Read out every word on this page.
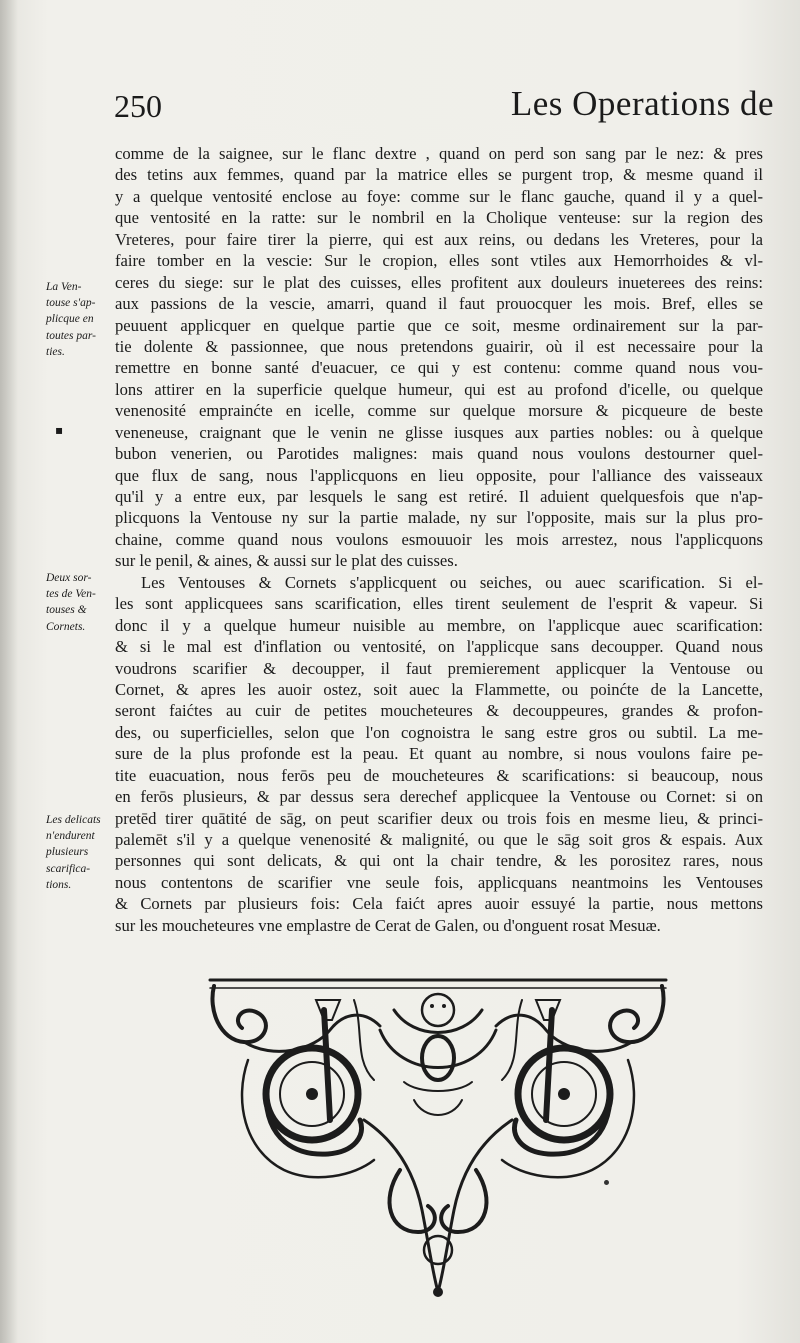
250	Les Operations de
La Ven-
touse s'ap-
plicque en
toutes par-
ties.
▪
Deux sor-
tes de Ven-
touses &
Cornets.
Les delicats
n'endurent
plusieurs
scarifica-
tions.
comme de la saignee, sur le flanc dextre , quand on perd son sang par le nez: & pres
des tetins aux femmes, quand par la matrice elles se purgent trop, & mesme quand il
y a quelque ventosité enclose au foye: comme sur le flanc gauche, quand il y a quel-
que ventosité en la ratte: sur le nombril en la Cholique venteuse: sur la region des
Vreteres, pour faire tirer la pierre, qui est aux reins, ou dedans les Vreteres, pour la
faire tomber en la vescie: Sur le cropion, elles sont vtiles aux Hemorrhoides & vl-
ceres du siege: sur le plat des cuisses, elles profitent aux douleurs inueterees des reins:
aux passions de la vescie, amarri, quand il faut prouocquer les mois. Bref, elles se
peuuent applicquer en quelque partie que ce soit, mesme ordinairement sur la par-
tie dolente & passionnee, que nous pretendons guairir, où il est necessaire pour la
remettre en bonne santé d'euacuer, ce qui y est contenu: comme quand nous vou-
lons attirer en la superficie quelque humeur, qui est au profond d'icelle, ou quelque
venenosité emprainćte en icelle, comme sur quelque morsure & picqueure de beste
veneneuse, craignant que le venin ne glisse iusques aux parties nobles: ou à quelque
bubon venerien, ou Parotides malignes: mais quand nous voulons destourner quel-
que flux de sang, nous l'applicquons en lieu opposite, pour l'alliance des vaisseaux
qu'il y a entre eux, par lesquels le sang est retiré. Il aduient quelquesfois que n'ap-
plicquons la Ventouse ny sur la partie malade, ny sur l'opposite, mais sur la plus pro-
chaine, comme quand nous voulons esmouuoir les mois arrestez, nous l'applicquons
sur le penil, & aines, & aussi sur le plat des cuisses.
Les Ventouses & Cornets s'applicquent ou seiches, ou auec scarification. Si el-
les sont applicquees sans scarification, elles tirent seulement de l'esprit & vapeur. Si
donc il y a quelque humeur nuisible au membre, on l'applicque auec scarification:
& si le mal est d'inflation ou ventosité, on l'applicque sans decoupper. Quand nous
voudrons scarifier & decoupper, il faut premierement applicquer la Ventouse ou
Cornet, & apres les auoir ostez, soit auec la Flammette, ou poinćte de la Lancette,
seront faićtes au cuir de petites moucheteures & decouppeures, grandes & profon-
des, ou superficielles, selon que l'on cognoistra le sang estre gros ou subtil. La me-
sure de la plus profonde est la peau. Et quant au nombre, si nous voulons faire pe-
tite euacuation, nous ferōs peu de moucheteures & scarifications: si beaucoup, nous
en ferōs plusieurs, & par dessus sera derechef applicquee la Ventouse ou Cornet: si on
pretēd tirer quātité de sāg, on peut scarifier deux ou trois fois en mesme lieu, & princi-
palemēt s'il y a quelque venenosité & malignité, ou que le sāg soit gros & espais. Aux
personnes qui sont delicats, & qui ont la chair tendre, & les porositez rares, nous
nous contentons de scarifier vne seule fois, applicquans neantmoins les Ventouses
& Cornets par plusieurs fois: Cela faićt apres auoir essuyé la partie, nous mettons
sur les moucheteures vne emplastre de Cerat de Galen, ou d'onguent rosat Mesuæ.
